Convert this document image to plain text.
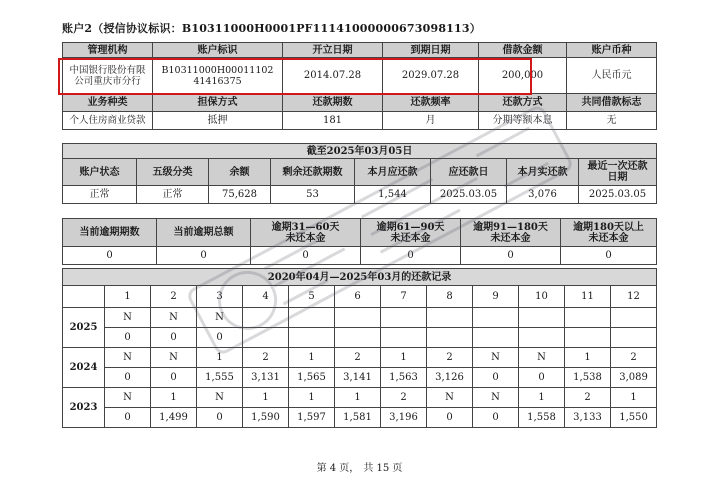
账户2（授信协议标识：B10311000H0001PF11141000000673098113）
管理机构	账户标识	开立日期	到期日期	借款金额	账户币种
中国银行股份有限公司重庆市分行	B10311000H0001110241416375	2014.07.28	2029.07.28	200,000	人民币元
业务种类	担保方式	还款期数	还款频率	还款方式	共同借款标志
个人住房商业贷款	抵押	181	月	分期等额本息	无
截至2025年03月05日							
账户状态	五级分类	余额	剩余还款期数	本月应还款	应还款日	本月实还款	最近一次还款日期
正常	正常	75,628	53	1,544	2025.03.05	3,076	2025.03.05
当前逾期期数	当前逾期总额	逾期31—60天未还本金	逾期61—90天未还本金	逾期91—180天未还本金	逾期180天以上未还本金
0	0	0	0	0	0
2020年04月—2025年03月的还款记录												
	1	2	3	4	5	6	7	8	9	10	11	12
2025	N	N	N									
	0	0	0									
2024	N	N	1	2	1	2	1	2	N	N	1	2
	0	0	1,555	3,131	1,565	3,141	1,563	3,126	0	0	1,538	3,089
2023	N	1	N	1	1	1	2	N	N	1	2	1
	0	1,499	0	1,590	1,597	1,581	3,196	0	0	1,558	3,133	1,550
第 4 页， 共 15 页
